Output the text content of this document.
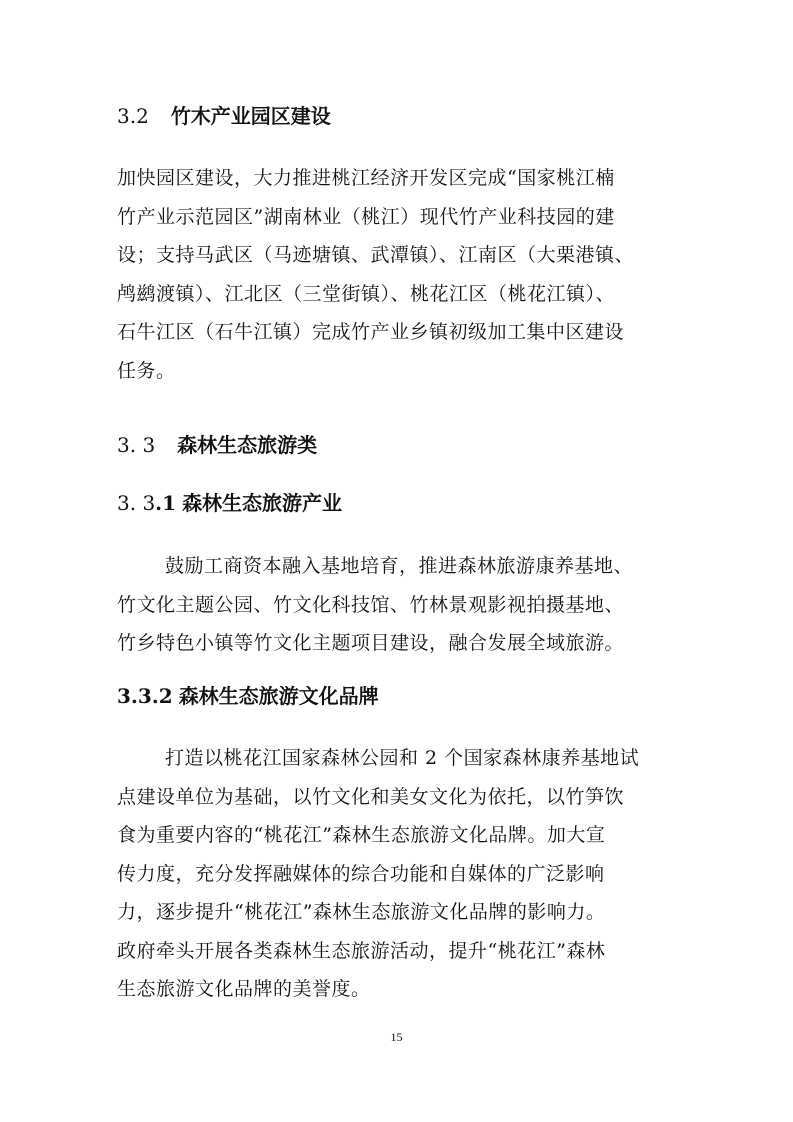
3.2 竹木产业园区建设
加快园区建设，大力推进桃江经济开发区完成“国家桃江楠
竹产业示范园区”湖南林业（桃江）现代竹产业科技园的建
设；支持马武区（马迹塘镇、武潭镇）、江南区（大栗港镇、
鸬鹚渡镇）、江北区（三堂街镇）、桃花江区（桃花江镇）、
石牛江区（石牛江镇）完成竹产业乡镇初级加工集中区建设
任务。
3. 3 森林生态旅游类
3. 3.1 森林生态旅游产业
鼓励工商资本融入基地培育，推进森林旅游康养基地、
竹文化主题公园、竹文化科技馆、竹林景观影视拍摄基地、
竹乡特色小镇等竹文化主题项目建设，融合发展全域旅游。
3.3.2 森林生态旅游文化品牌
打造以桃花江国家森林公园和 2 个国家森林康养基地试
点建设单位为基础，以竹文化和美女文化为依托，以竹笋饮
食为重要内容的“桃花江”森林生态旅游文化品牌。加大宣
传力度，充分发挥融媒体的综合功能和自媒体的广泛影响
力，逐步提升“桃花江”森林生态旅游文化品牌的影响力。
政府牵头开展各类森林生态旅游活动，提升“桃花江”森林
生态旅游文化品牌的美誉度。
15
